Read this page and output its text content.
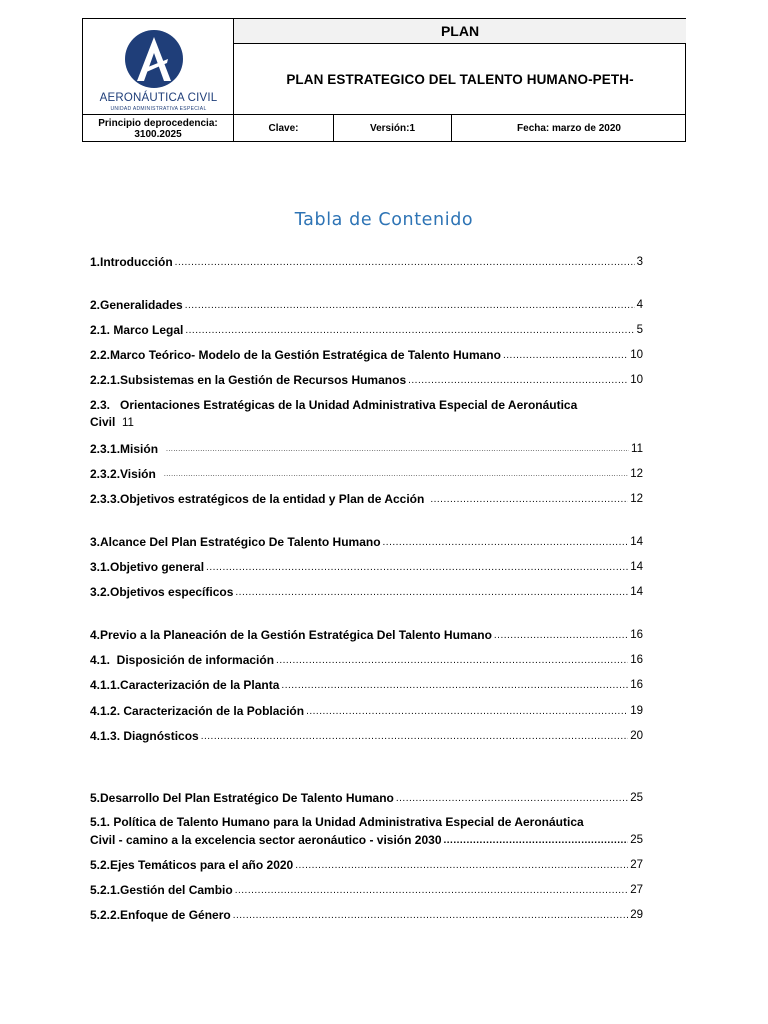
AERONÁUTICA CIVIL
UNIDAD ADMINISTRATIVA ESPECIAL
PLAN
PLAN ESTRATEGICO DEL TALENTO HUMANO-PETH-
Principio deprocedencia:
3100.2025	Clave:	Versión:1	Fecha: marzo de 2020
Tabla de Contenido
1.Introducción .....	3
2.Generalidades .....	4
2.1. Marco Legal .....	5
2.2.Marco Teórico- Modelo de la Gestión Estratégica de Talento Humano .....	10
2.2.1.Subsistemas en la Gestión de Recursos Humanos .....	10
2.3.   Orientaciones Estratégicas de la Unidad Administrativa Especial de Aeronáutica
Civil 11
2.3.1.Misión .....	11
2.3.2.Visión .....	12
2.3.3.Objetivos estratégicos de la entidad y Plan de Acción .....	12
3.Alcance Del Plan Estratégico De Talento Humano .....	14
3.1.Objetivo general .....	14
3.2.Objetivos específicos .....	14
4.Previo a la Planeación de la Gestión Estratégica Del Talento Humano .....	16
4.1.  Disposición de información .....	16
4.1.1.Caracterización de la Planta .....	16
4.1.2. Caracterización de la Población .....	19
4.1.3. Diagnósticos .....	20
5.Desarrollo Del Plan Estratégico De Talento Humano .....	25
5.1. Política de Talento Humano para la Unidad Administrativa Especial de Aeronáutica
Civil - camino a la excelencia sector aeronáutico - visión 2030 .....	25
5.2.Ejes Temáticos para el año 2020 .....	27
5.2.1.Gestión del Cambio .....	27
5.2.2.Enfoque de Género .....	29
